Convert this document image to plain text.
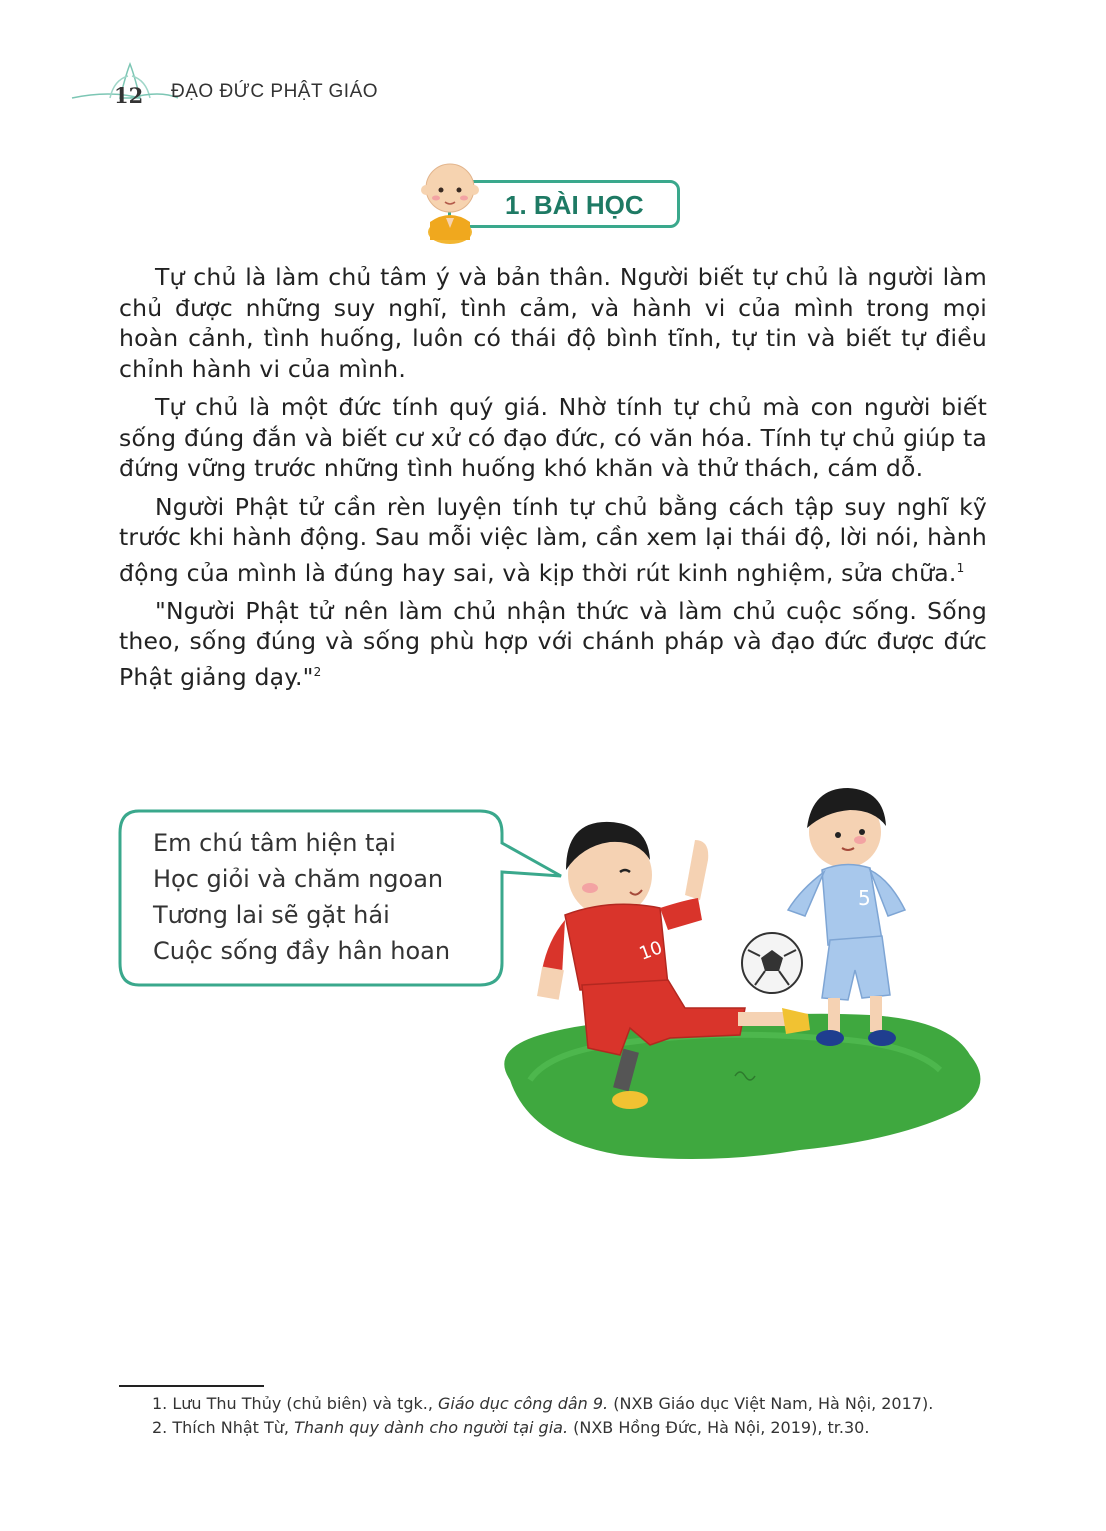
12 ĐẠO ĐỨC PHẬT GIÁO
1. BÀI HỌC

Tự chủ là làm chủ tâm ý và bản thân. Người biết tự chủ là người làm chủ được những suy nghĩ, tình cảm, và hành vi của mình trong mọi hoàn cảnh, tình huống, luôn có thái độ bình tĩnh, tự tin và biết tự điều chỉnh hành vi của mình.

Tự chủ là một đức tính quý giá. Nhờ tính tự chủ mà con người biết sống đúng đắn và biết cư xử có đạo đức, có văn hóa. Tính tự chủ giúp ta đứng vững trước những tình huống khó khăn và thử thách, cám dỗ.

Người Phật tử cần rèn luyện tính tự chủ bằng cách tập suy nghĩ kỹ trước khi hành động. Sau mỗi việc làm, cần xem lại thái độ, lời nói, hành động của mình là đúng hay sai, và kịp thời rút kinh nghiệm, sửa chữa.$^1$

"Người Phật tử nên làm chủ nhận thức và làm chủ cuộc sống. Sống theo, sống đúng và sống phù hợp với chánh pháp và đạo đức được đức Phật giảng dạy."$^2$

Em chú tâm hiện tại
Học giỏi và chăm ngoan
Tương lai sẽ gặt hái
Cuộc sống đầy hân hoan
5
10
1. Lưu Thu Thủy (chủ biên) và tgk., Giáo dục công dân 9. (NXB Giáo dục Việt Nam, Hà Nội, 2017).
2. Thích Nhật Từ, Thanh quy dành cho người tại gia. (NXB Hồng Đức, Hà Nội, 2019), tr.30.
